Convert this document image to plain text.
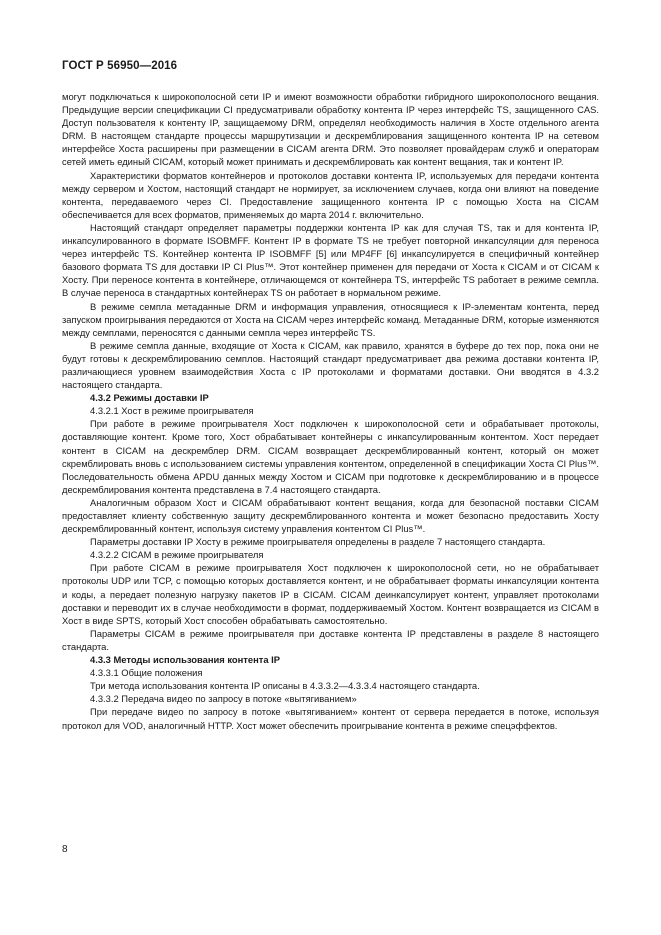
ГОСТ Р 56950—2016

могут подключаться к широкополосной сети IP и имеют возможности обработки гибридного широкополосного вещания. Предыдущие версии спецификации CI предусматривали обработку контента IP через интерфейс TS, защищенного CAS. Доступ пользователя к контенту IP, защищаемому DRM, определял необходимость наличия в Хосте отдельного агента DRM. В настоящем стандарте процессы маршрутизации и дескремблирования защищенного контента IP на сетевом интерфейсе Хоста расширены при размещении в CICAM агента DRM. Это позволяет провайдерам служб и операторам сетей иметь единый CICAM, который может принимать и дескремблировать как контент вещания, так и контент IP.

Характеристики форматов контейнеров и протоколов доставки контента IP, используемых для передачи контента между сервером и Хостом, настоящий стандарт не нормирует, за исключением случаев, когда они влияют на поведение контента, передаваемого через CI. Предоставление защищенного контента IP с помощью Хоста на CICAM обеспечивается для всех форматов, применяемых до марта 2014 г. включительно.

Настоящий стандарт определяет параметры поддержки контента IP как для случая TS, так и для контента IP, инкапсулированного в формате ISOBMFF. Контент IP в формате TS не требует повторной инкапсуляции для переноса через интерфейс TS. Контейнер контента IP ISOBMFF [5] или MP4FF [6] инкапсулируется в специфичный контейнер базового формата TS для доставки IP CI Plus™. Этот контейнер применен для передачи от Хоста к CICAM и от CICAM к Хосту. При переносе контента в контейнере, отличающемся от контейнера TS, интерфейс TS работает в режиме семпла. В случае переноса в стандартных контейнерах TS он работает в нормальном режиме.

В режиме семпла метаданные DRM и информация управления, относящиеся к IP-элементам контента, перед запуском проигрывания передаются от Хоста на CICAM через интерфейс команд. Метаданные DRM, которые изменяются между семплами, переносятся с данными семпла через интерфейс TS.

В режиме семпла данные, входящие от Хоста к CICAM, как правило, хранятся в буфере до тех пор, пока они не будут готовы к дескремблированию семплов. Настоящий стандарт предусматривает два режима доставки контента IP, различающиеся уровнем взаимодействия Хоста с IP протоколами и форматами доставки. Они вводятся в 4.3.2 настоящего стандарта.

4.3.2 Режимы доставки IP

4.3.2.1 Хост в режиме проигрывателя

При работе в режиме проигрывателя Хост подключен к широкополосной сети и обрабатывает протоколы, доставляющие контент. Кроме того, Хост обрабатывает контейнеры с инкапсулированным контентом. Хост передает контент в CICAM на дескремблер DRM. CICAM возвращает дескремблированный контент, который он может скремблировать вновь с использованием системы управления контентом, определенной в спецификации Хоста CI Plus™. Последовательность обмена APDU данных между Хостом и CICAM при подготовке к дескремблированию и в процессе дескремблирования контента представлена в 7.4 настоящего стандарта.

Аналогичным образом Хост и CICAM обрабатывают контент вещания, когда для безопасной поставки CICAM предоставляет клиенту собственную защиту дескремблированного контента и может безопасно предоставить Хосту дескремблированный контент, используя систему управления контентом CI Plus™.

Параметры доставки IP Хосту в режиме проигрывателя определены в разделе 7 настоящего стандарта.

4.3.2.2 CICAM в режиме проигрывателя

При работе CICAM в режиме проигрывателя Хост подключен к широкополосной сети, но не обрабатывает протоколы UDP или TCP, с помощью которых доставляется контент, и не обрабатывает форматы инкапсуляции контента и коды, а передает полезную нагрузку пакетов IP в CICAM. CICAM деинкапсулирует контент, управляет протоколами доставки и переводит их в случае необходимости в формат, поддерживаемый Хостом. Контент возвращается из CICAM в Хост в виде SPTS, который Хост способен обрабатывать самостоятельно.

Параметры CICAM в режиме проигрывателя при доставке контента IP представлены в разделе 8 настоящего стандарта.

4.3.3 Методы использования контента IP

4.3.3.1 Общие положения

Три метода использования контента IP описаны в 4.3.3.2—4.3.3.4 настоящего стандарта.

4.3.3.2 Передача видео по запросу в потоке «вытягиванием»

При передаче видео по запросу в потоке «вытягиванием» контент от сервера передается в потоке, используя протокол для VOD, аналогичный HTTP. Хост может обеспечить проигрывание контента в режиме спецэффектов.

8
